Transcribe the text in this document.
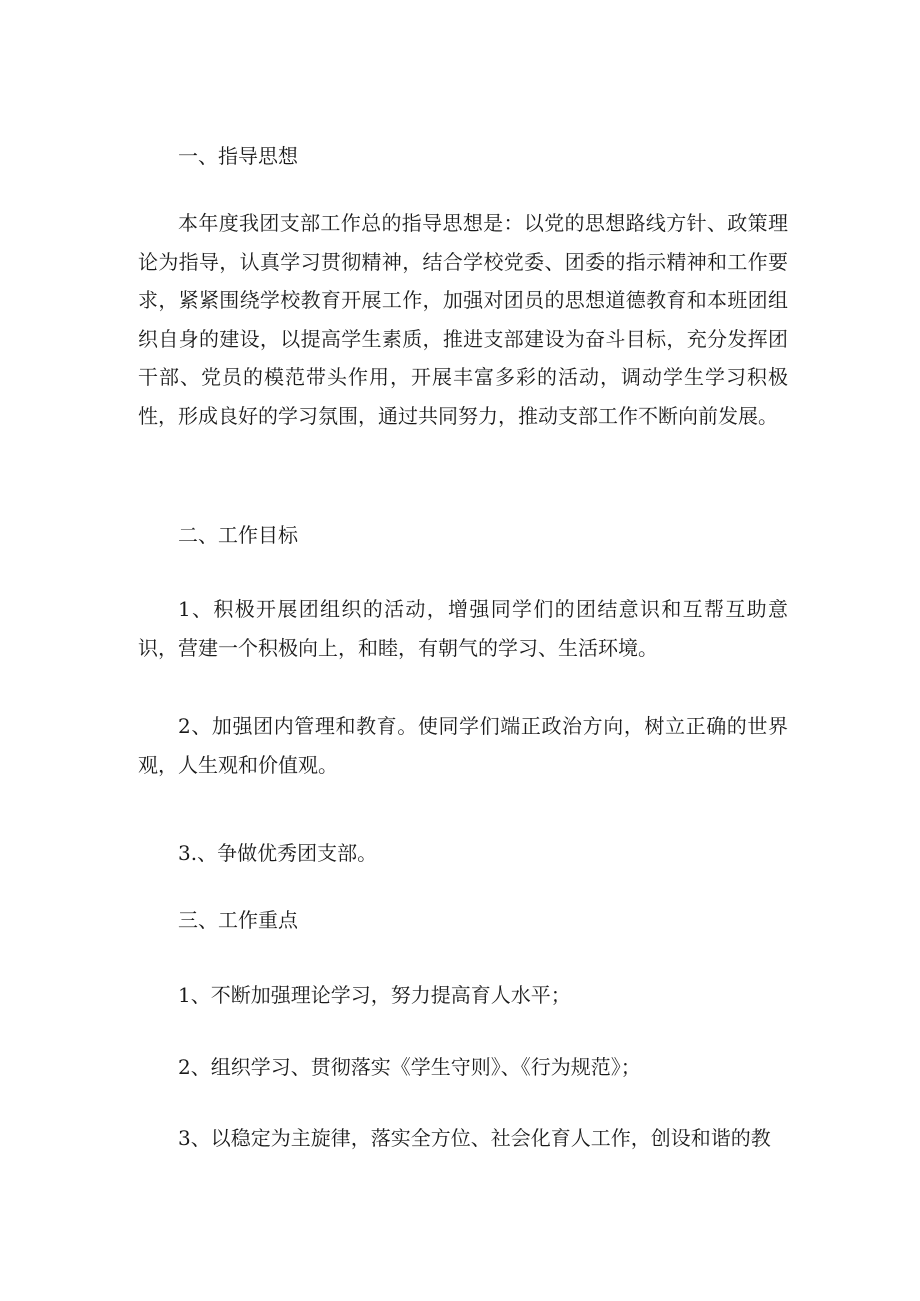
一、指导思想

本年度我团支部工作总的指导思想是：以党的思想路线方针、政策理论为指导，认真学习贯彻精神，结合学校党委、团委的指示精神和工作要求，紧紧围绕学校教育开展工作，加强对团员的思想道德教育和本班团组织自身的建设，以提高学生素质，推进支部建设为奋斗目标，充分发挥团干部、党员的模范带头作用，开展丰富多彩的活动，调动学生学习积极性，形成良好的学习氛围，通过共同努力，推动支部工作不断向前发展。

二、工作目标

1、积极开展团组织的活动，增强同学们的团结意识和互帮互助意识，营建一个积极向上，和睦，有朝气的学习、生活环境。

2、加强团内管理和教育。使同学们端正政治方向，树立正确的世界观，人生观和价值观。

3.、争做优秀团支部。

三、工作重点

1、不断加强理论学习，努力提高育人水平；

2、组织学习、贯彻落实《学生守则》、《行为规范》；

3、以稳定为主旋律，落实全方位、社会化育人工作，创设和谐的教
